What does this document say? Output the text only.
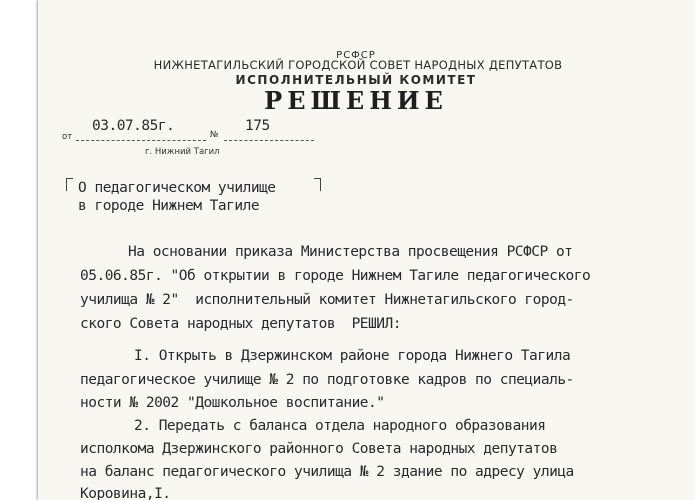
РСФСР
НИЖНЕТАГИЛЬСКИЙ ГОРОДСКОЙ СОВЕТ НАРОДНЫХ ДЕПУТАТОВ
ИСПОЛНИТЕЛЬНЫЙ КОМИТЕТ
РЕШЕНИЕ
от
03.07.85г.
№
175
г. Нижний Тагил
О педагогическом училище
в городе Нижнем Тагиле
На основании приказа Министерства просвещения РСФСР от
05.06.85г. "Об открытии в городе Нижнем Тагиле педагогического
училища № 2"  исполнительный комитет Нижнетагильского город-
ского Совета народных депутатов  РЕШИЛ:
I. Открыть в Дзержинском районе города Нижнего Тагила
педагогическое училище № 2 по подготовке кадров по специаль-
ности № 2002 "Дошкольное воспитание."
2. Передать с баланса отдела народного образования
исполкома Дзержинского районного Совета народных депутатов
на баланс педагогического училища № 2 здание по адресу улица
Коровина,I.
